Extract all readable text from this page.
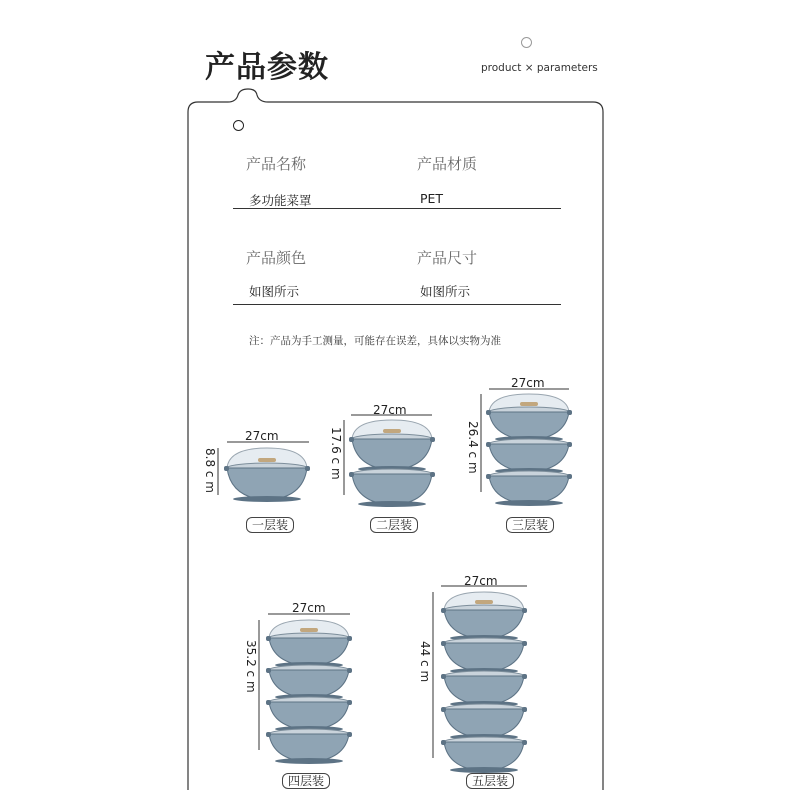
产品参数	product × parameters
产品名称	产品材质
多功能菜罩	PET
产品颜色	产品尺寸
如图所示	如图所示
注：产品为手工测量，可能存在误差，具体以实物为准
27cm
8.8 c m
一层装
27cm
17.6 c m
二层装
27cm
26.4 c m
三层装
27cm
35.2 c m
四层装
27cm
44 c m
五层装
